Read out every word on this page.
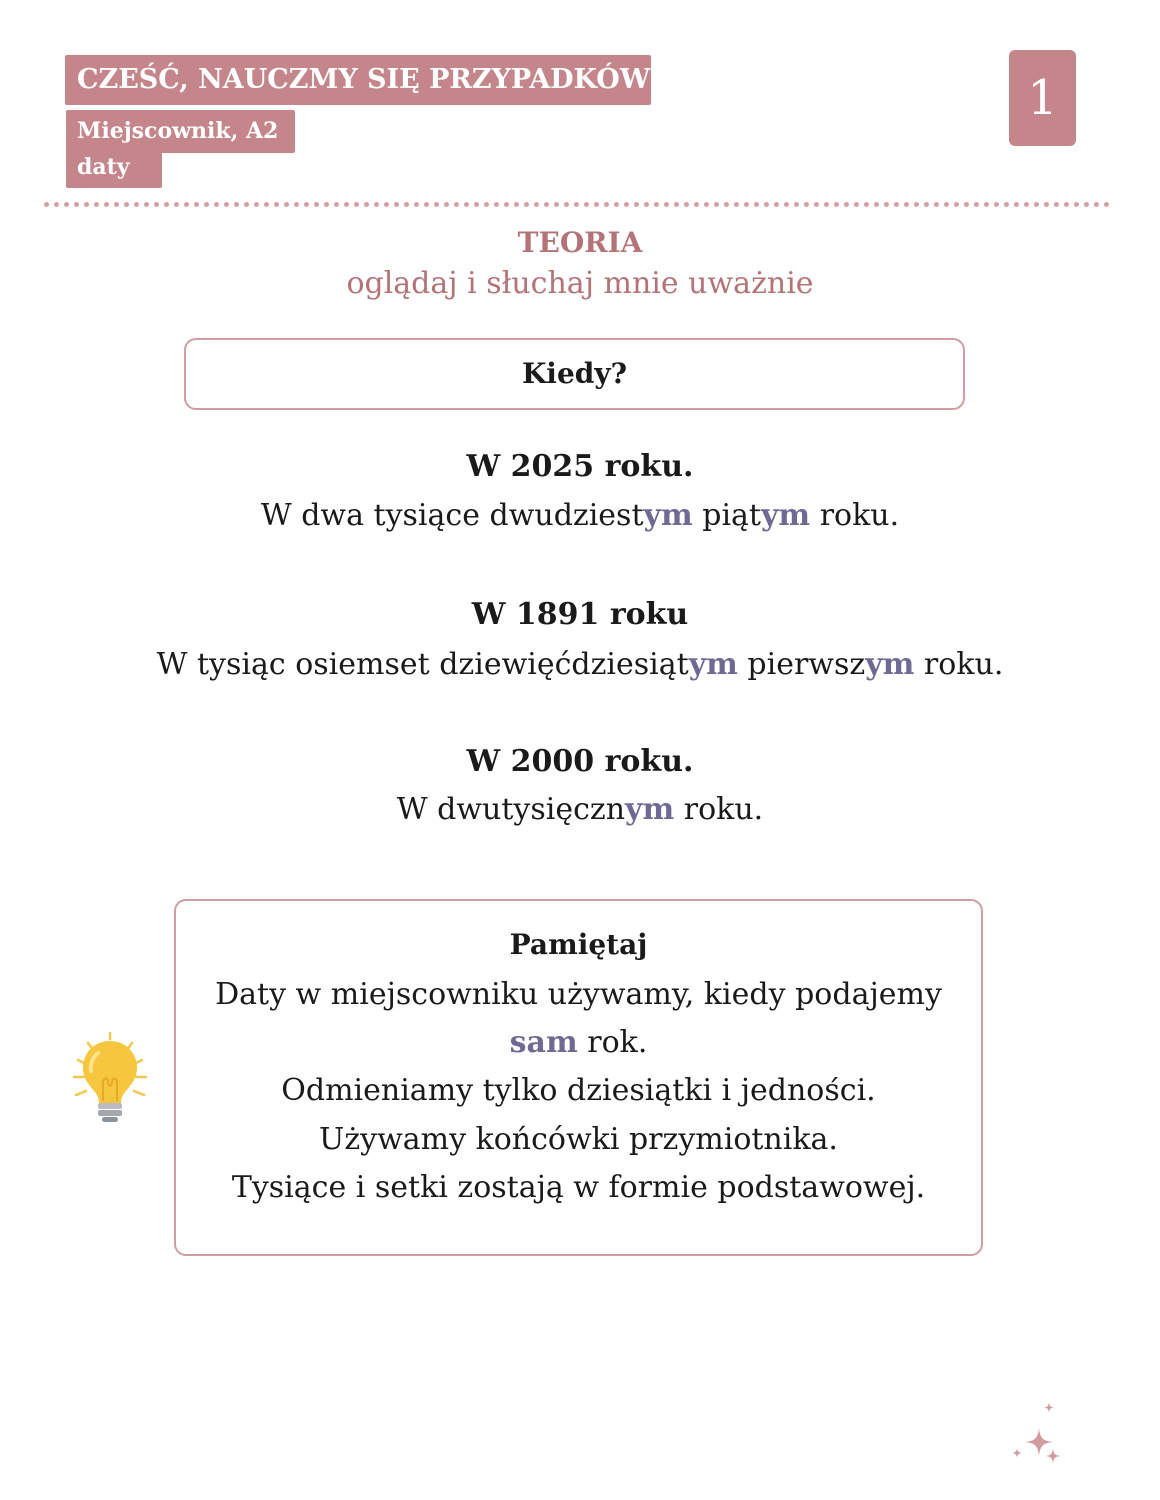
CZEŚĆ, NAUCZMY SIĘ PRZYPADKÓW
Miejscownik, A2
daty
1
TEORIA
oglądaj i słuchaj mnie uważnie
Kiedy?
W 2025 roku.
W dwa tysiące dwudziestym piątym roku.
W 1891 roku
W tysiąc osiemset dziewięćdziesiątym pierwszym roku.
W 2000 roku.
W dwutysięcznym roku.
Pamiętaj
Daty w miejscowniku używamy, kiedy podajemy
sam rok.
Odmieniamy tylko dziesiątki i jedności.
Używamy końcówki przymiotnika.
Tysiące i setki zostają w formie podstawowej.
